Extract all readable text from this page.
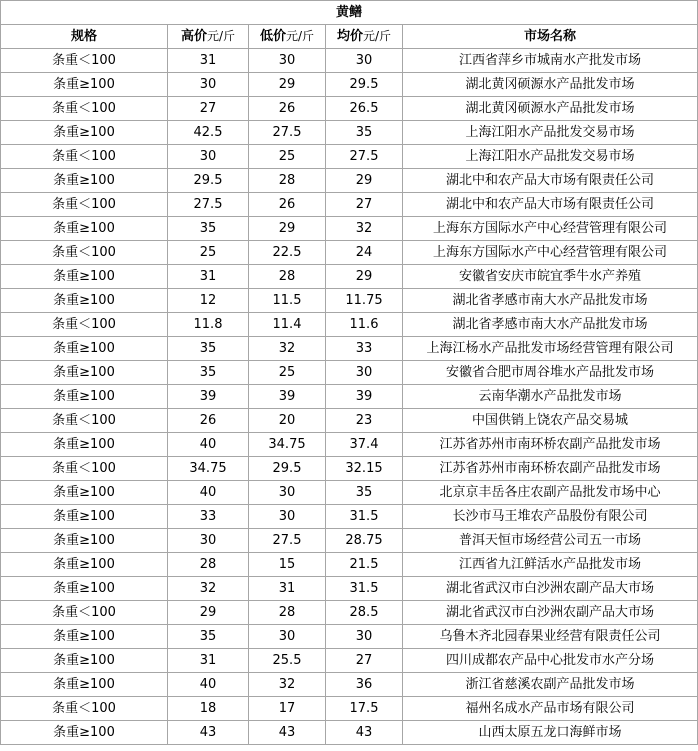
黄鳝				
规格	高价元/斤	低价元/斤	均价元/斤	市场名称
条重＜100	31	30	30	江西省萍乡市城南水产批发市场
条重≥100	30	29	29.5	湖北黄冈硕源水产品批发市场
条重＜100	27	26	26.5	湖北黄冈硕源水产品批发市场
条重≥100	42.5	27.5	35	上海江阳水产品批发交易市场
条重＜100	30	25	27.5	上海江阳水产品批发交易市场
条重≥100	29.5	28	29	湖北中和农产品大市场有限责任公司
条重＜100	27.5	26	27	湖北中和农产品大市场有限责任公司
条重≥100	35	29	32	上海东方国际水产中心经营管理有限公司
条重＜100	25	22.5	24	上海东方国际水产中心经营管理有限公司
条重≥100	31	28	29	安徽省安庆市皖宜季牛水产养殖
条重≥100	12	11.5	11.75	湖北省孝感市南大水产品批发市场
条重＜100	11.8	11.4	11.6	湖北省孝感市南大水产品批发市场
条重≥100	35	32	33	上海江杨水产品批发市场经营管理有限公司
条重≥100	35	25	30	安徽省合肥市周谷堆水产品批发市场
条重≥100	39	39	39	云南华潮水产品批发市场
条重＜100	26	20	23	中国供销上饶农产品交易城
条重≥100	40	34.75	37.4	江苏省苏州市南环桥农副产品批发市场
条重＜100	34.75	29.5	32.15	江苏省苏州市南环桥农副产品批发市场
条重≥100	40	30	35	北京京丰岳各庄农副产品批发市场中心
条重≥100	33	30	31.5	长沙市马王堆农产品股份有限公司
条重≥100	30	27.5	28.75	普洱天恒市场经营公司五一市场
条重≥100	28	15	21.5	江西省九江鲜活水产品批发市场
条重≥100	32	31	31.5	湖北省武汉市白沙洲农副产品大市场
条重＜100	29	28	28.5	湖北省武汉市白沙洲农副产品大市场
条重≥100	35	30	30	乌鲁木齐北园春果业经营有限责任公司
条重≥100	31	25.5	27	四川成都农产品中心批发市水产分场
条重≥100	40	32	36	浙江省慈溪农副产品批发市场
条重＜100	18	17	17.5	福州名成水产品市场有限公司
条重≥100	43	43	43	山西太原五龙口海鲜市场
